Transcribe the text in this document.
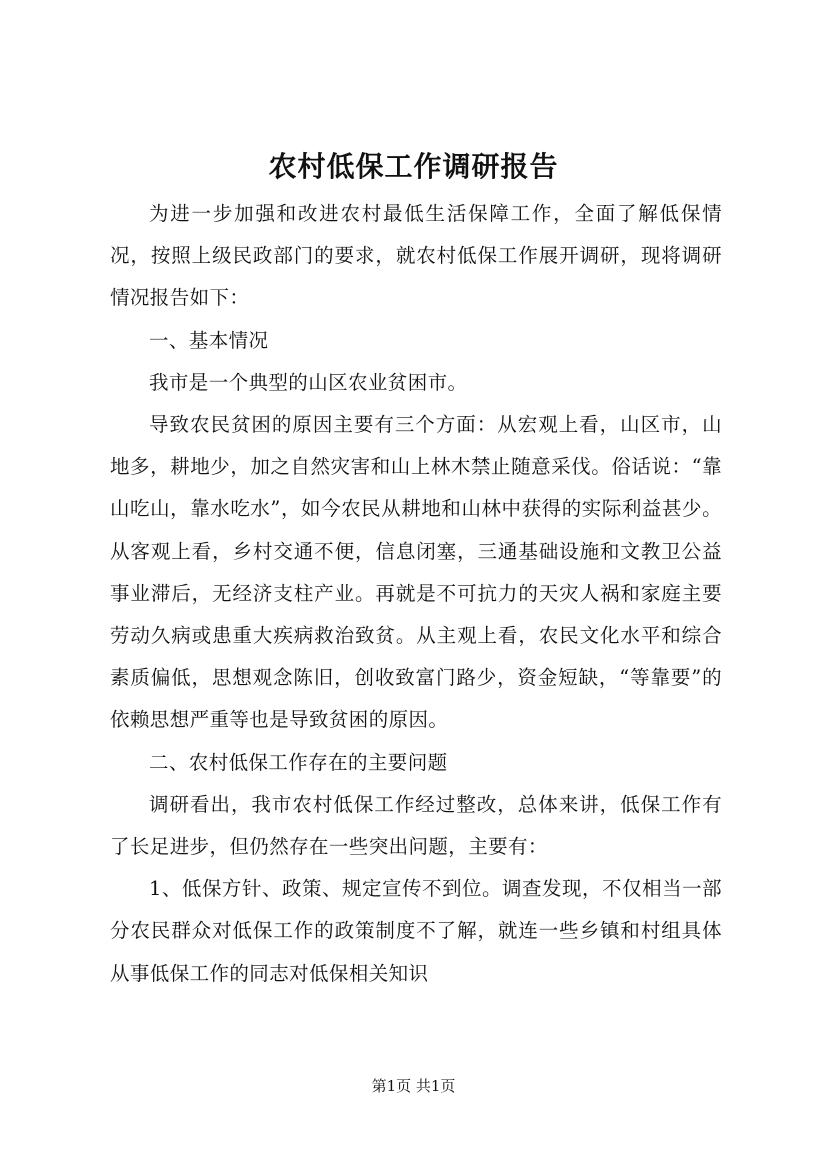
农村低保工作调研报告

为进一步加强和改进农村最低生活保障工作，全面了解低保情况，按照上级民政部门的要求，就农村低保工作展开调研，现将调研情况报告如下：

一、基本情况

我市是一个典型的山区农业贫困市。

导致农民贫困的原因主要有三个方面：从宏观上看，山区市，山地多，耕地少，加之自然灾害和山上林木禁止随意采伐。俗话说：“靠山吃山，靠水吃水”，如今农民从耕地和山林中获得的实际利益甚少。从客观上看，乡村交通不便，信息闭塞，三通基础设施和文教卫公益事业滞后，无经济支柱产业。再就是不可抗力的天灾人祸和家庭主要劳动久病或患重大疾病救治致贫。从主观上看，农民文化水平和综合素质偏低，思想观念陈旧，创收致富门路少，资金短缺，“等靠要”的依赖思想严重等也是导致贫困的原因。

二、农村低保工作存在的主要问题

调研看出，我市农村低保工作经过整改，总体来讲，低保工作有了长足进步，但仍然存在一些突出问题，主要有：

1、低保方针、政策、规定宣传不到位。调查发现，不仅相当一部分农民群众对低保工作的政策制度不了解，就连一些乡镇和村组具体从事低保工作的同志对低保相关知识

第1页 共1页
